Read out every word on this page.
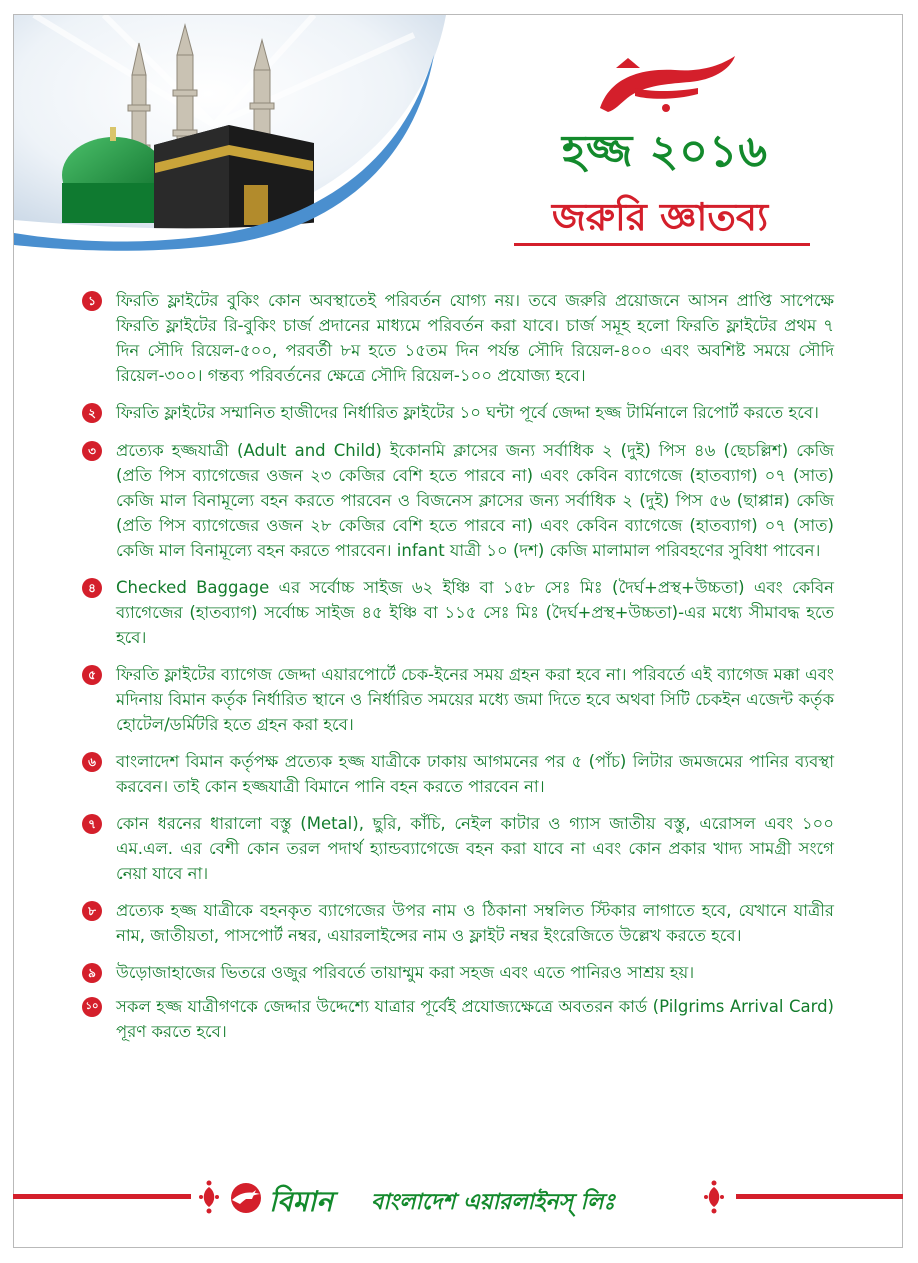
হজ্জ ২০১৬
জরুরি জ্ঞাতব্য
১	ফিরতি ফ্লাইটের বুকিং কোন অবস্থাতেই পরিবর্তন যোগ্য নয়। তবে জরুরি প্রয়োজনে আসন প্রাপ্তি সাপেক্ষে ফিরতি ফ্লাইটের রি-বুকিং চার্জ প্রদানের মাধ্যমে পরিবর্তন করা যাবে। চার্জ সমূহ হলো ফিরতি ফ্লাইটের প্রথম ৭ দিন সৌদি রিয়েল-৫০০, পরবর্তী ৮ম হতে ১৫তম দিন পর্যন্ত সৌদি রিয়েল-৪০০ এবং অবশিষ্ট সময়ে সৌদি রিয়েল-৩০০। গন্তব্য পরিবর্তনের ক্ষেত্রে সৌদি রিয়েল-১০০ প্রযোজ্য হবে।
২	ফিরতি ফ্লাইটের সম্মানিত হাজীদের নির্ধারিত ফ্লাইটের ১০ ঘন্টা পূর্বে জেদ্দা হজ্জ টার্মিনালে রিপোর্ট করতে হবে।
৩	প্রত্যেক হজ্জযাত্রী (Adult and Child) ইকোনমি ক্লাসের জন্য সর্বাধিক ২ (দুই) পিস ৪৬ (ছেচল্লিশ) কেজি (প্রতি পিস ব্যাগেজের ওজন ২৩ কেজির বেশি হতে পারবে না) এবং কেবিন ব্যাগেজে (হাতব্যাগ) ০৭ (সাত) কেজি মাল বিনামূল্যে বহন করতে পারবেন ও বিজনেস ক্লাসের জন্য সর্বাধিক ২ (দুই) পিস ৫৬ (ছাপ্পান্ন) কেজি (প্রতি পিস ব্যাগেজের ওজন ২৮ কেজির বেশি হতে পারবে না) এবং কেবিন ব্যাগেজে (হাতব্যাগ) ০৭ (সাত) কেজি মাল বিনামূল্যে বহন করতে পারবেন। infant যাত্রী ১০ (দশ) কেজি মালামাল পরিবহণের সুবিধা পাবেন।
৪	Checked Baggage এর সর্বোচ্চ সাইজ ৬২ ইঞ্চি বা ১৫৮ সেঃ মিঃ (দৈর্ঘ+প্রস্থ+উচ্চতা) এবং কেবিন ব্যাগেজের (হাতব্যাগ) সর্বোচ্চ সাইজ ৪৫ ইঞ্চি বা ১১৫ সেঃ মিঃ (দৈর্ঘ+প্রস্থ+উচ্চতা)-এর মধ্যে সীমাবদ্ধ হতে হবে।
৫	ফিরতি ফ্লাইটের ব্যাগেজ জেদ্দা এয়ারপোর্টে চেক-ইনের সময় গ্রহন করা হবে না। পরিবর্তে এই ব্যাগেজ মক্কা এবং মদিনায় বিমান কর্তৃক নির্ধারিত স্থানে ও নির্ধারিত সময়ের মধ্যে জমা দিতে হবে অথবা সিটি চেকইন এজেন্ট কর্তৃক হোটেল/ডর্মিটরি হতে গ্রহন করা হবে।
৬	বাংলাদেশ বিমান কর্তৃপক্ষ প্রত্যেক হজ্জ যাত্রীকে ঢাকায় আগমনের পর ৫ (পাঁচ) লিটার জমজমের পানির ব্যবস্থা করবেন। তাই কোন হজ্জযাত্রী বিমানে পানি বহন করতে পারবেন না।
৭	কোন ধরনের ধারালো বস্তু (Metal), ছুরি, কাঁচি, নেইল কাটার ও গ্যাস জাতীয় বস্তু, এরোসল এবং ১০০ এম.এল. এর বেশী কোন তরল পদার্থ হ্যান্ডব্যাগেজে বহন করা যাবে না এবং কোন প্রকার খাদ্য সামগ্রী সংগে নেয়া যাবে না।
৮	প্রত্যেক হজ্জ যাত্রীকে বহনকৃত ব্যাগেজের উপর নাম ও ঠিকানা সম্বলিত স্টিকার লাগাতে হবে, যেখানে যাত্রীর নাম, জাতীয়তা, পাসপোর্ট নম্বর, এয়ারলাইন্সের নাম ও ফ্লাইট নম্বর ইংরেজিতে উল্লেখ করতে হবে।
৯	উড়োজাহাজের ভিতরে ওজুর পরিবর্তে তায়াম্মুম করা সহজ এবং এতে পানিরও সাশ্রয় হয়।
১০ সকল হজ্জ যাত্রীগণকে জেদ্দার উদ্দেশ্যে যাত্রার পূর্বেই প্রযোজ্যক্ষেত্রে অবতরন কার্ড (Pilgrims Arrival Card) পূরণ করতে হবে।
বিমান বাংলাদেশ এয়ারলাইনস্ লিঃ
